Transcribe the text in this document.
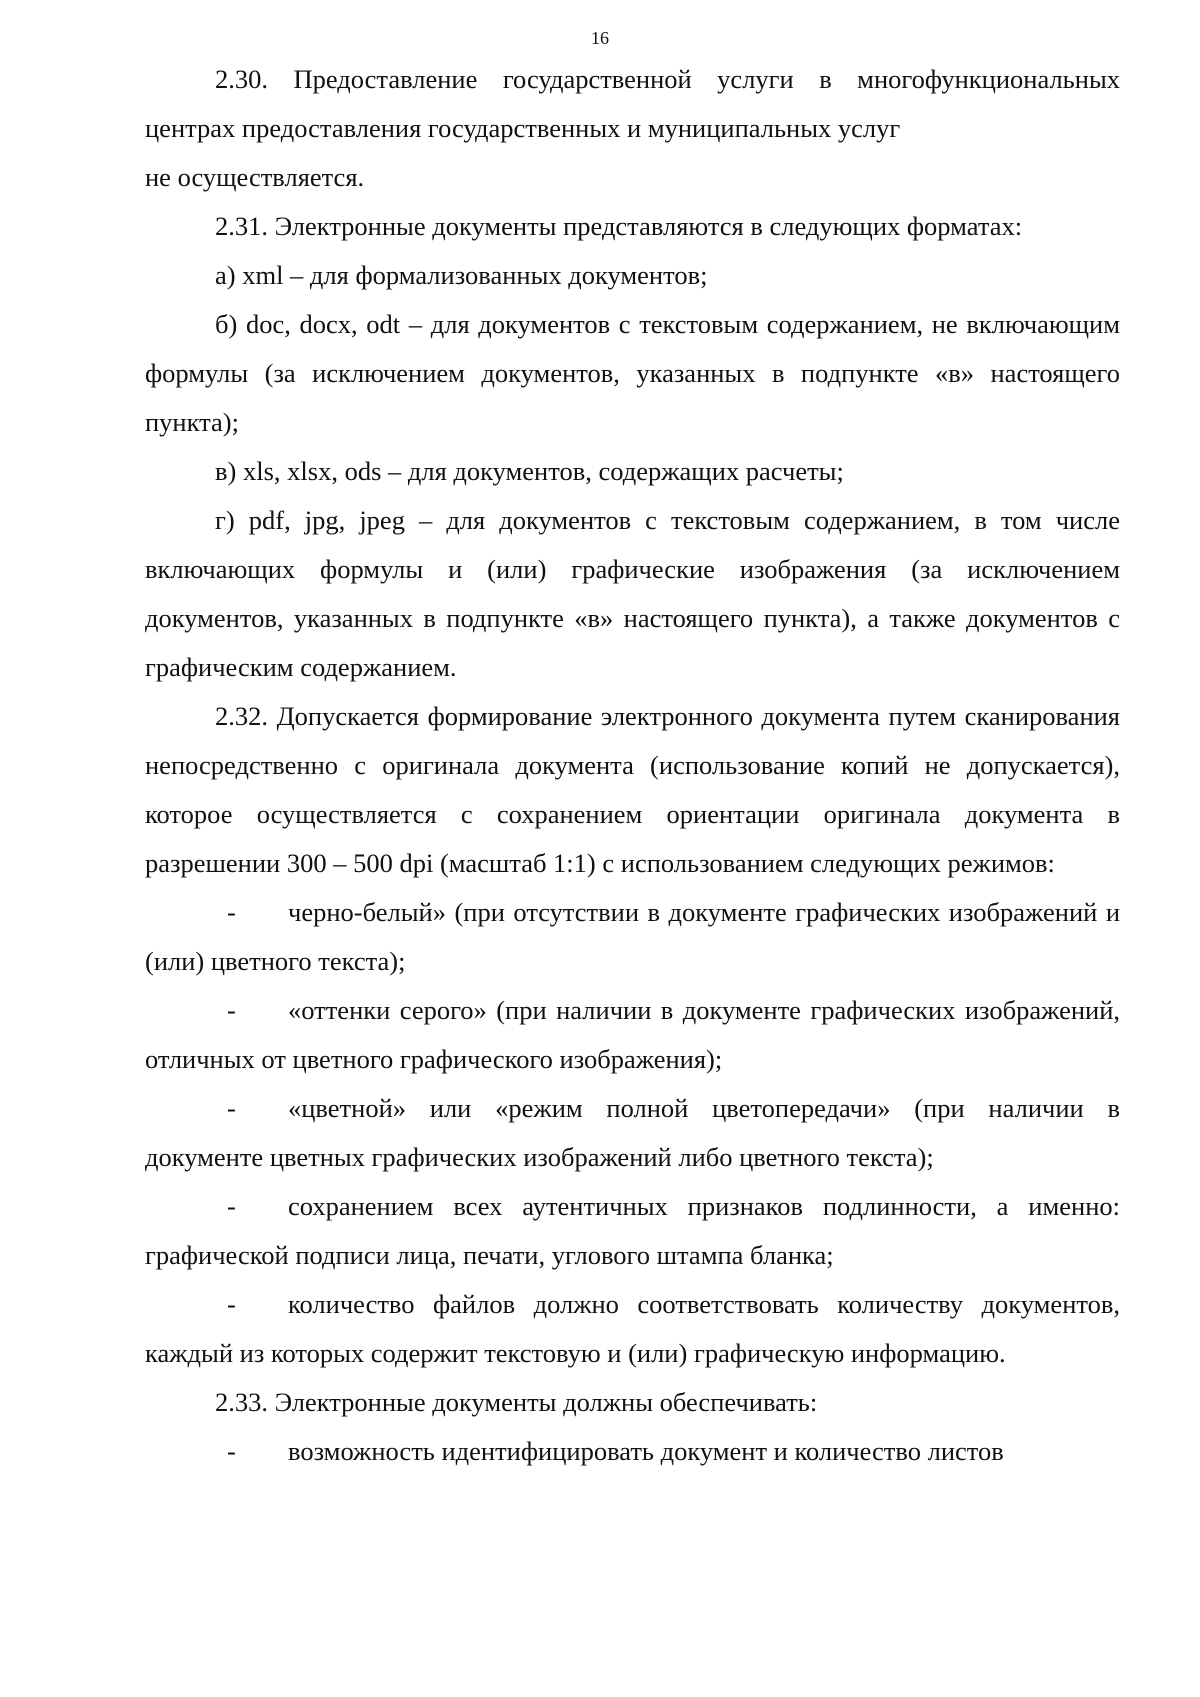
16

2.30. Предоставление государственной услуги в многофункциональных центрах предоставления государственных и муниципальных услуг

не осуществляется.

2.31. Электронные документы представляются в следующих форматах:

а) xml – для формализованных документов;

б) doc, docx, odt – для документов с текстовым содержанием, не включающим формулы (за исключением документов, указанных в подпункте «в» настоящего пункта);

в) xls, xlsx, ods – для документов, содержащих расчеты;

г) pdf, jpg, jpeg – для документов с текстовым содержанием, в том числе включающих формулы и (или) графические изображения (за исключением документов, указанных в подпункте «в» настоящего пункта), а также документов с графическим содержанием.

2.32. Допускается формирование электронного документа путем сканирования непосредственно с оригинала документа (использование копий не допускается), которое осуществляется с сохранением ориентации оригинала документа в разрешении 300 – 500 dpi (масштаб 1:1) с использованием следующих режимов:

- черно-белый» (при отсутствии в документе графических изображений и (или) цветного текста);

- «оттенки серого» (при наличии в документе графических изображений, отличных от цветного графического изображения);

- «цветной» или «режим полной цветопередачи» (при наличии в документе цветных графических изображений либо цветного текста);

- сохранением всех аутентичных признаков подлинности, а именно: графической подписи лица, печати, углового штампа бланка;

- количество файлов должно соответствовать количеству документов, каждый из которых содержит текстовую и (или) графическую информацию.

2.33. Электронные документы должны обеспечивать:

- возможность идентифицировать документ и количество листов
